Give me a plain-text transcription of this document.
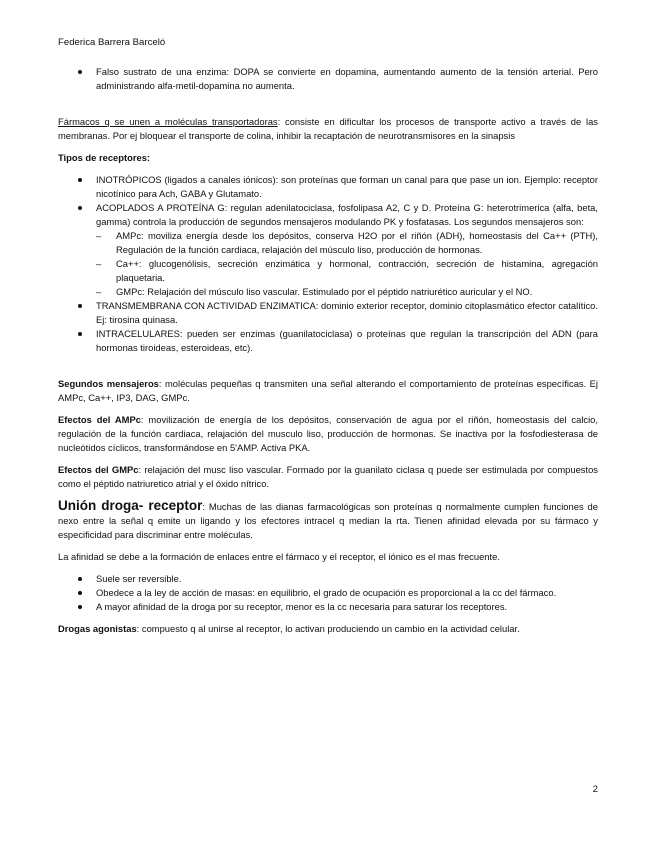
Federica Barrera Barceló
Falso sustrato de una enzima: DOPA se convierte en dopamina, aumentando aumento de la tensión arterial. Pero administrando alfa-metil-dopamina no aumenta.

Fármacos q se unen a moléculas transportadoras: consiste en dificultar los procesos de transporte activo a través de las membranas. Por ej bloquear el transporte de colina, inhibir la recaptación de neurotransmisores en la sinapsis

Tipos de receptores:

INOTRÓPICOS (ligados a canales iónicos): son proteínas que forman un canal para que pase un ion. Ejemplo: receptor nicotínico para Ach, GABA y Glutamato.
ACOPLADOS A PROTEÍNA G: regulan adenilatociclasa, fosfolipasa A2, C y D. Proteína G: heterotrimerica (alfa, beta, gamma) controla la producción de segundos mensajeros modulando PK y fosfatasas. Los segundos mensajeros son:
– AMPc: moviliza energía desde los depósitos, conserva H2O por el riñón (ADH), homeostasis del Ca++ (PTH), Regulación de la función cardiaca, relajación del músculo liso, producción de hormonas.
– Ca++: glucogenólisis, secreción enzimática y hormonal, contracción, secreción de histamina, agregación plaquetaria.
– GMPc: Relajación del músculo liso vascular. Estimulado por el péptido natriurético auricular y el NO.
TRANSMEMBRANA CON ACTIVIDAD ENZIMATICA: dominio exterior receptor, dominio citoplasmático efector catalítico. Ej: tirosina quinasa.
INTRACELULARES: pueden ser enzimas (guanilatociclasa) o proteínas que regulan la transcripción del ADN (para hormonas tiroideas, esteroideas, etc).

Segundos mensajeros: moléculas pequeñas q transmiten una señal alterando el comportamiento de proteínas específicas. Ej AMPc, Ca++, IP3, DAG, GMPc.

Efectos del AMPc: movilización de energía de los depósitos, conservación de agua por el riñón, homeostasis del calcio, regulación de la función cardiaca, relajación del musculo liso, producción de hormonas. Se inactiva por la fosfodiesterasa de nucleótidos cíclicos, transformándose en 5'AMP. Activa PKA.

Efectos del GMPc: relajación del musc liso vascular. Formado por la guanilato ciclasa q puede ser estimulada por compuestos como el péptido natriuretico atrial y el óxido nítrico.

Unión droga- receptor: Muchas de las dianas farmacológicas son proteínas q normalmente cumplen funciones de nexo entre la señal q emite un ligando y los efectores intracel q median la rta. Tienen afinidad elevada por su fármaco y especificidad para discriminar entre moléculas.

La afinidad se debe a la formación de enlaces entre el fármaco y el receptor, el iónico es el mas frecuente.

Suele ser reversible.
Obedece a la ley de acción de masas: en equilibrio, el grado de ocupación es proporcional a la cc del fármaco.
A mayor afinidad de la droga por su receptor, menor es la cc necesaria para saturar los receptores.

Drogas agonistas: compuesto q al unirse al receptor, lo activan produciendo un cambio en la actividad celular.

2
